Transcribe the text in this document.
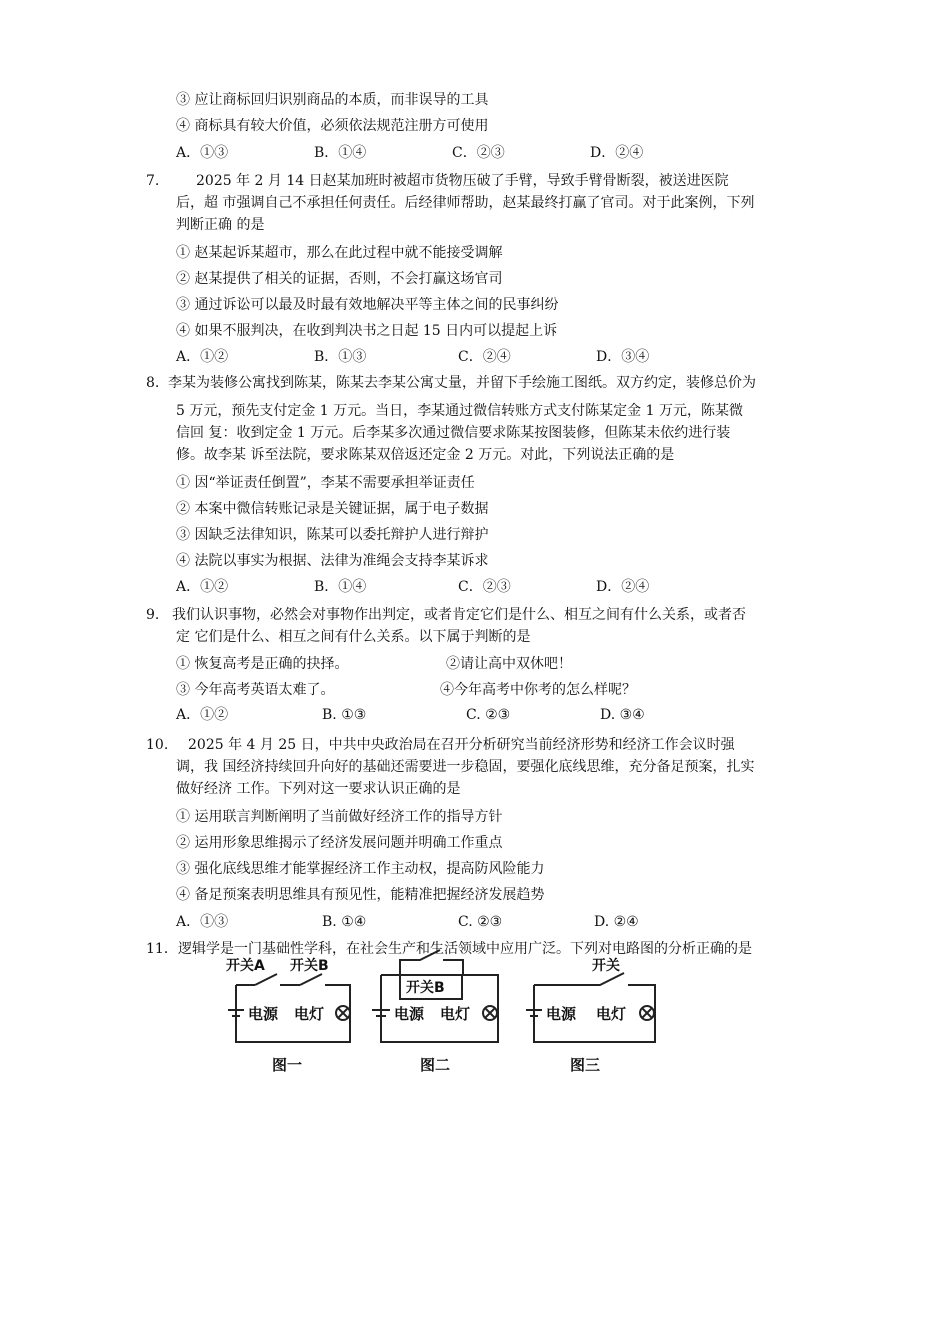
③ 应让商标回归识别商品的本质，而非误导的工具
④ 商标具有较大价值，必须依法规范注册方可使用
A．①③	B．①④	C．②③	D．②④
7.	2025 年 2 月 14 日赵某加班时被超市货物压破了手臂，导致手臂骨断裂，被送进医院
后，超 市强调自己不承担任何责任。后经律师帮助，赵某最终打赢了官司。对于此案例，下列
判断正确 的是
① 赵某起诉某超市，那么在此过程中就不能接受调解
② 赵某提供了相关的证据，否则，不会打赢这场官司
③ 通过诉讼可以最及时最有效地解决平等主体之间的民事纠纷
④ 如果不服判决，在收到判决书之日起 15 日内可以提起上诉
A．①②	B．①③	C．②④	D．③④
8. 李某为装修公寓找到陈某，陈某去李某公寓丈量，并留下手绘施工图纸。双方约定，装修总价为
5 万元，预先支付定金 1 万元。当日，李某通过微信转账方式支付陈某定金 1 万元，陈某微
信回 复：收到定金 1 万元。后李某多次通过微信要求陈某按图装修，但陈某未依约进行装
修。故李某 诉至法院，要求陈某双倍返还定金 2 万元。对此，下列说法正确的是
① 因“举证责任倒置”，李某不需要承担举证责任
② 本案中微信转账记录是关键证据，属于电子数据
③ 因缺乏法律知识，陈某可以委托辩护人进行辩护
④ 法院以事实为根据、法律为准绳会支持李某诉求
A．①②	B．①④	C．②③	D．②④
9. 我们认识事物，必然会对事物作出判定，或者肯定它们是什么、相互之间有什么关系，或者否
定 它们是什么、相互之间有什么关系。以下属于判断的是
① 恢复高考是正确的抉择。	②请让高中双休吧！
③ 今年高考英语太难了。	④今年高考中你考的怎么样呢？
A．①②	B. ①③	C. ②③	D. ③④
10. 2025 年 4 月 25 日，中共中央政治局在召开分析研究当前经济形势和经济工作会议时强
调，我 国经济持续回升向好的基础还需要进一步稳固，要强化底线思维，充分备足预案，扎实
做好经济 工作。下列对这一要求认识正确的是
① 运用联言判断阐明了当前做好经济工作的指导方针
② 运用形象思维揭示了经济发展问题并明确工作重点
③ 强化底线思维才能掌握经济工作主动权，提高防风险能力
④ 备足预案表明思维具有预见性，能精准把握经济发展趋势
A．①③	B. ①④	C. ②③	D. ②④
11． 逻辑学是一门基础性学科，在社会生产和生活领域中应用广泛。下列对电路图的分析正确的是
开关A 开关B
电源 电灯
图一
开关B
电源 电灯
图二
开关
电源 电灯
图三
